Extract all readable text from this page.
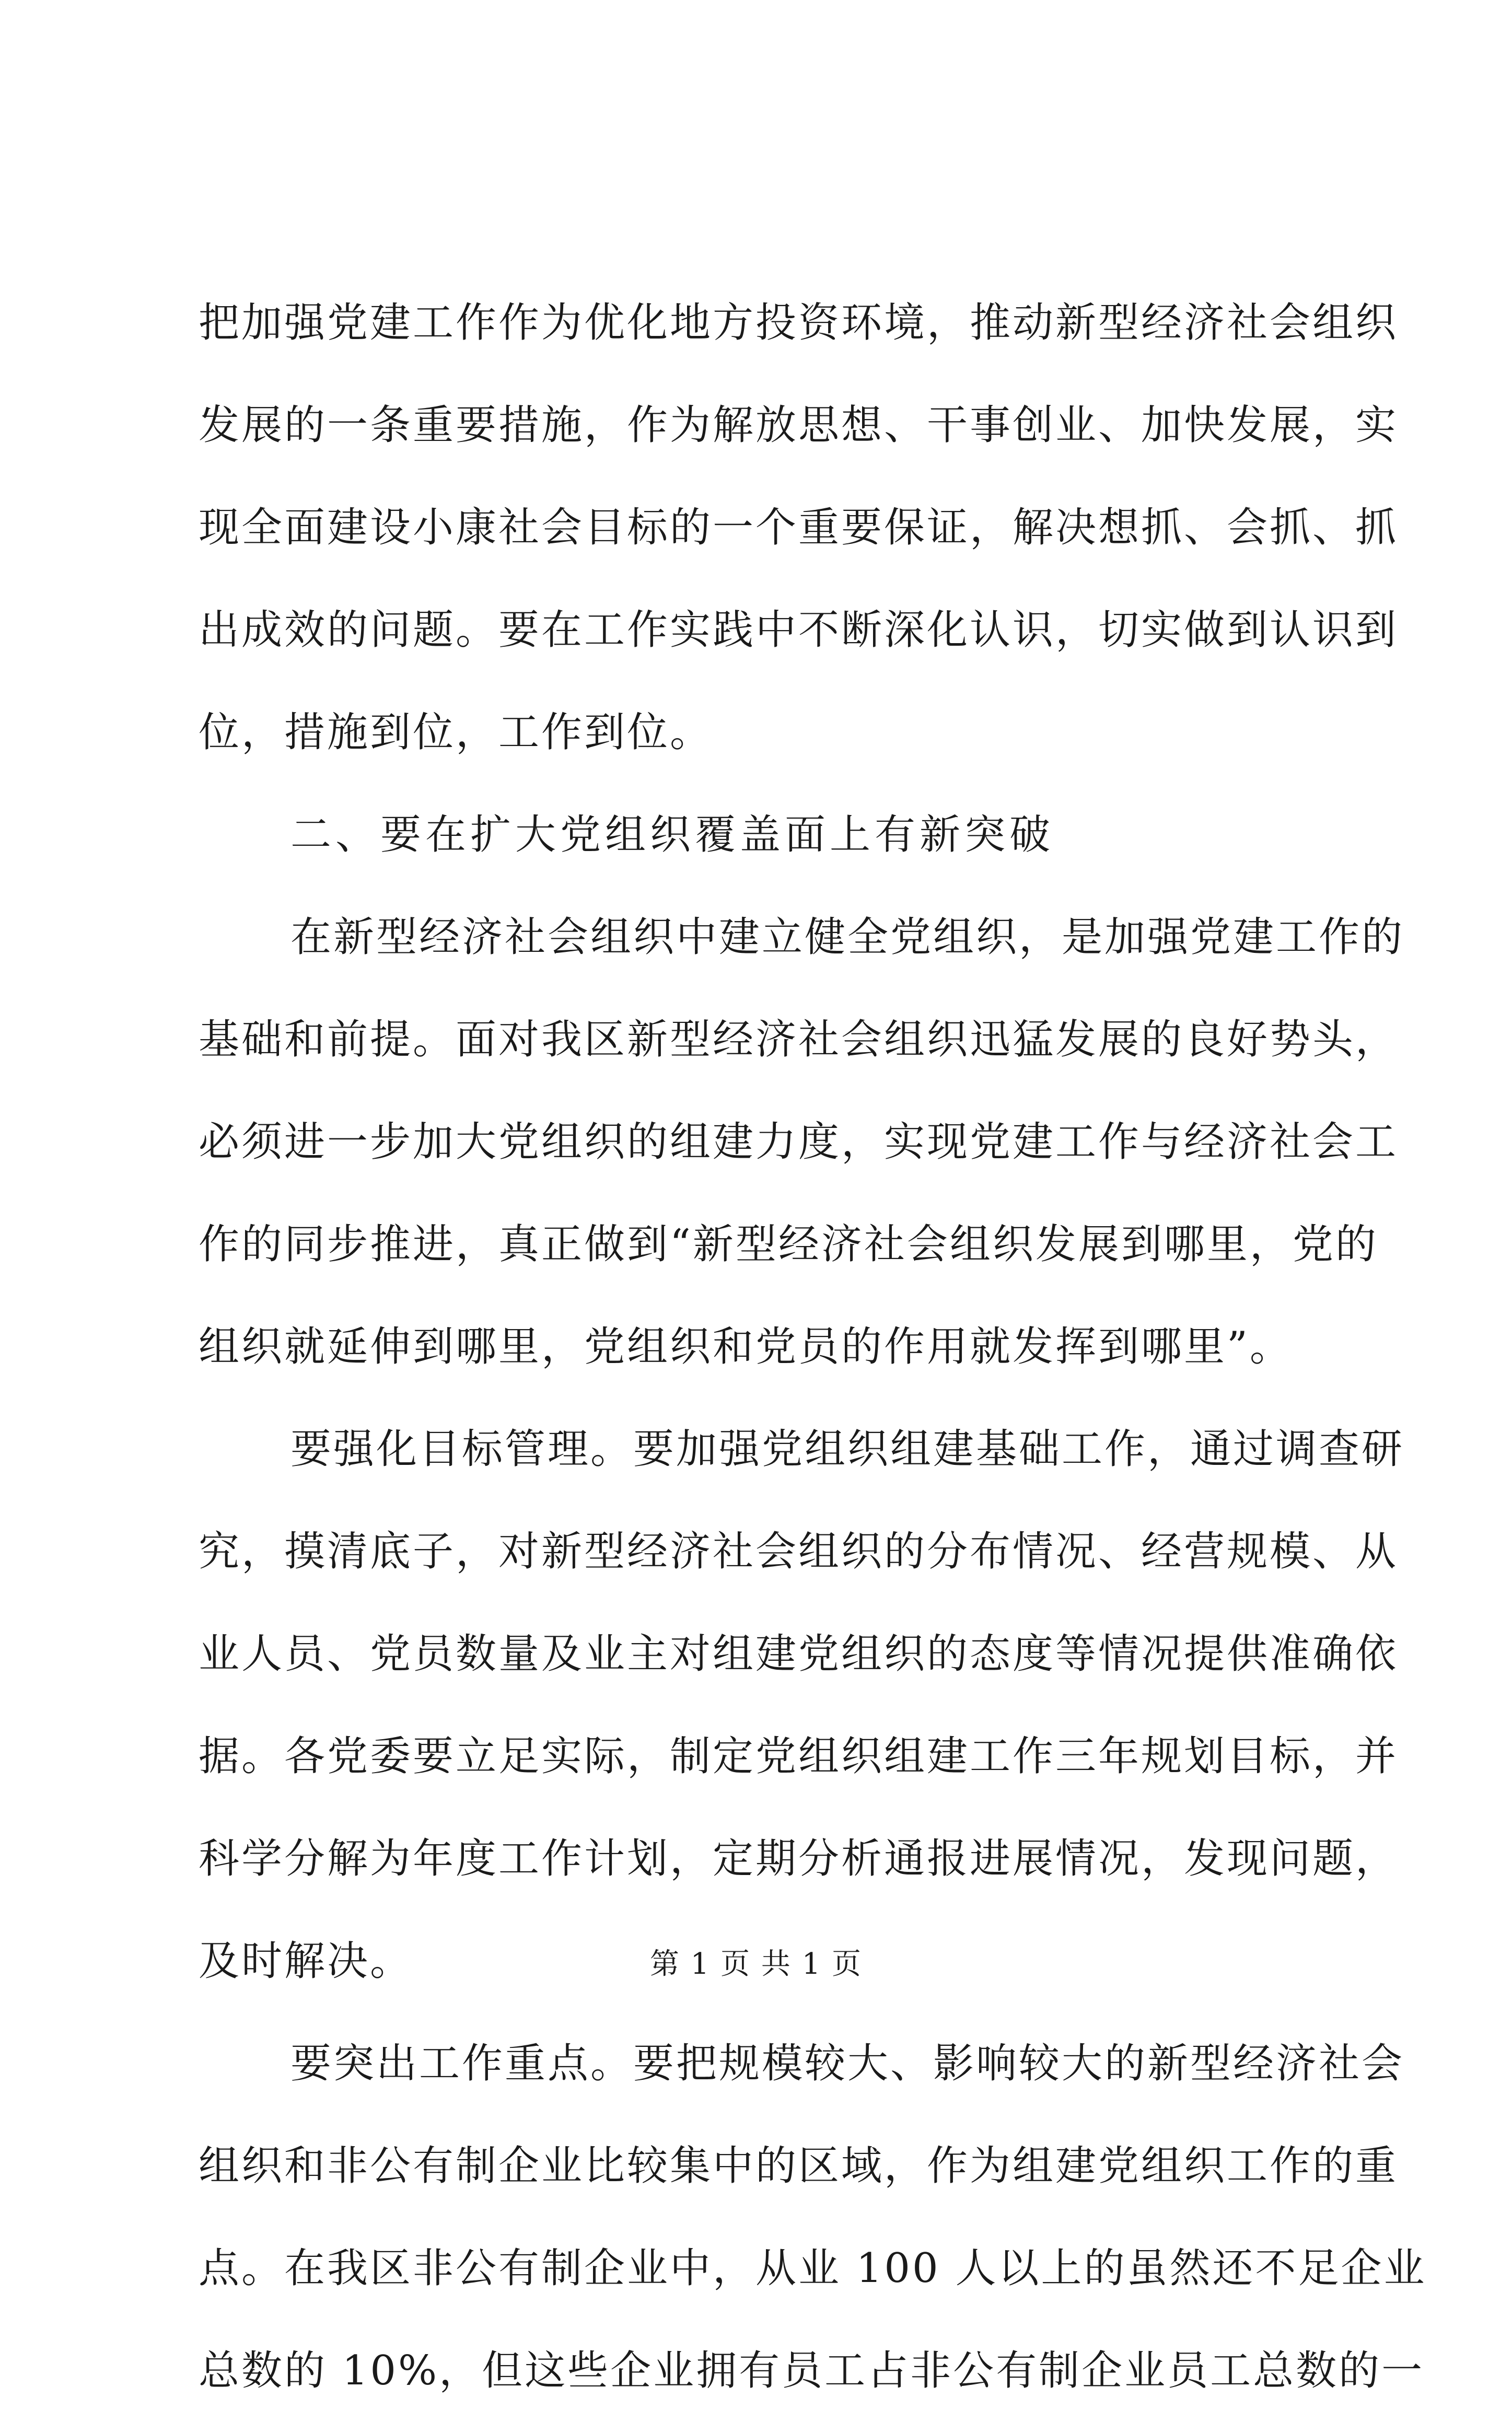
把加强党建工作作为优化地方投资环境，推动新型经济社会组织
发展的一条重要措施，作为解放思想、干事创业、加快发展，实
现全面建设小康社会目标的一个重要保证，解决想抓、会抓、抓
出成效的问题。要在工作实践中不断深化认识，切实做到认识到
位，措施到位，工作到位。
二、要在扩大党组织覆盖面上有新突破
在新型经济社会组织中建立健全党组织，是加强党建工作的
基础和前提。面对我区新型经济社会组织迅猛发展的良好势头，
必须进一步加大党组织的组建力度，实现党建工作与经济社会工
作的同步推进，真正做到“新型经济社会组织发展到哪里，党的
组织就延伸到哪里，党组织和党员的作用就发挥到哪里”。
要强化目标管理。要加强党组织组建基础工作，通过调查研
究，摸清底子，对新型经济社会组织的分布情况、经营规模、从
业人员、党员数量及业主对组建党组织的态度等情况提供准确依
据。各党委要立足实际，制定党组织组建工作三年规划目标，并
科学分解为年度工作计划，定期分析通报进展情况，发现问题，
及时解决。
要突出工作重点。要把规模较大、影响较大的新型经济社会
组织和非公有制企业比较集中的区域，作为组建党组织工作的重
点。在我区非公有制企业中，从业 100 人以上的虽然还不足企业
总数的 10%，但这些企业拥有员工占非公有制企业员工总数的一
第 1 页 共 1 页
